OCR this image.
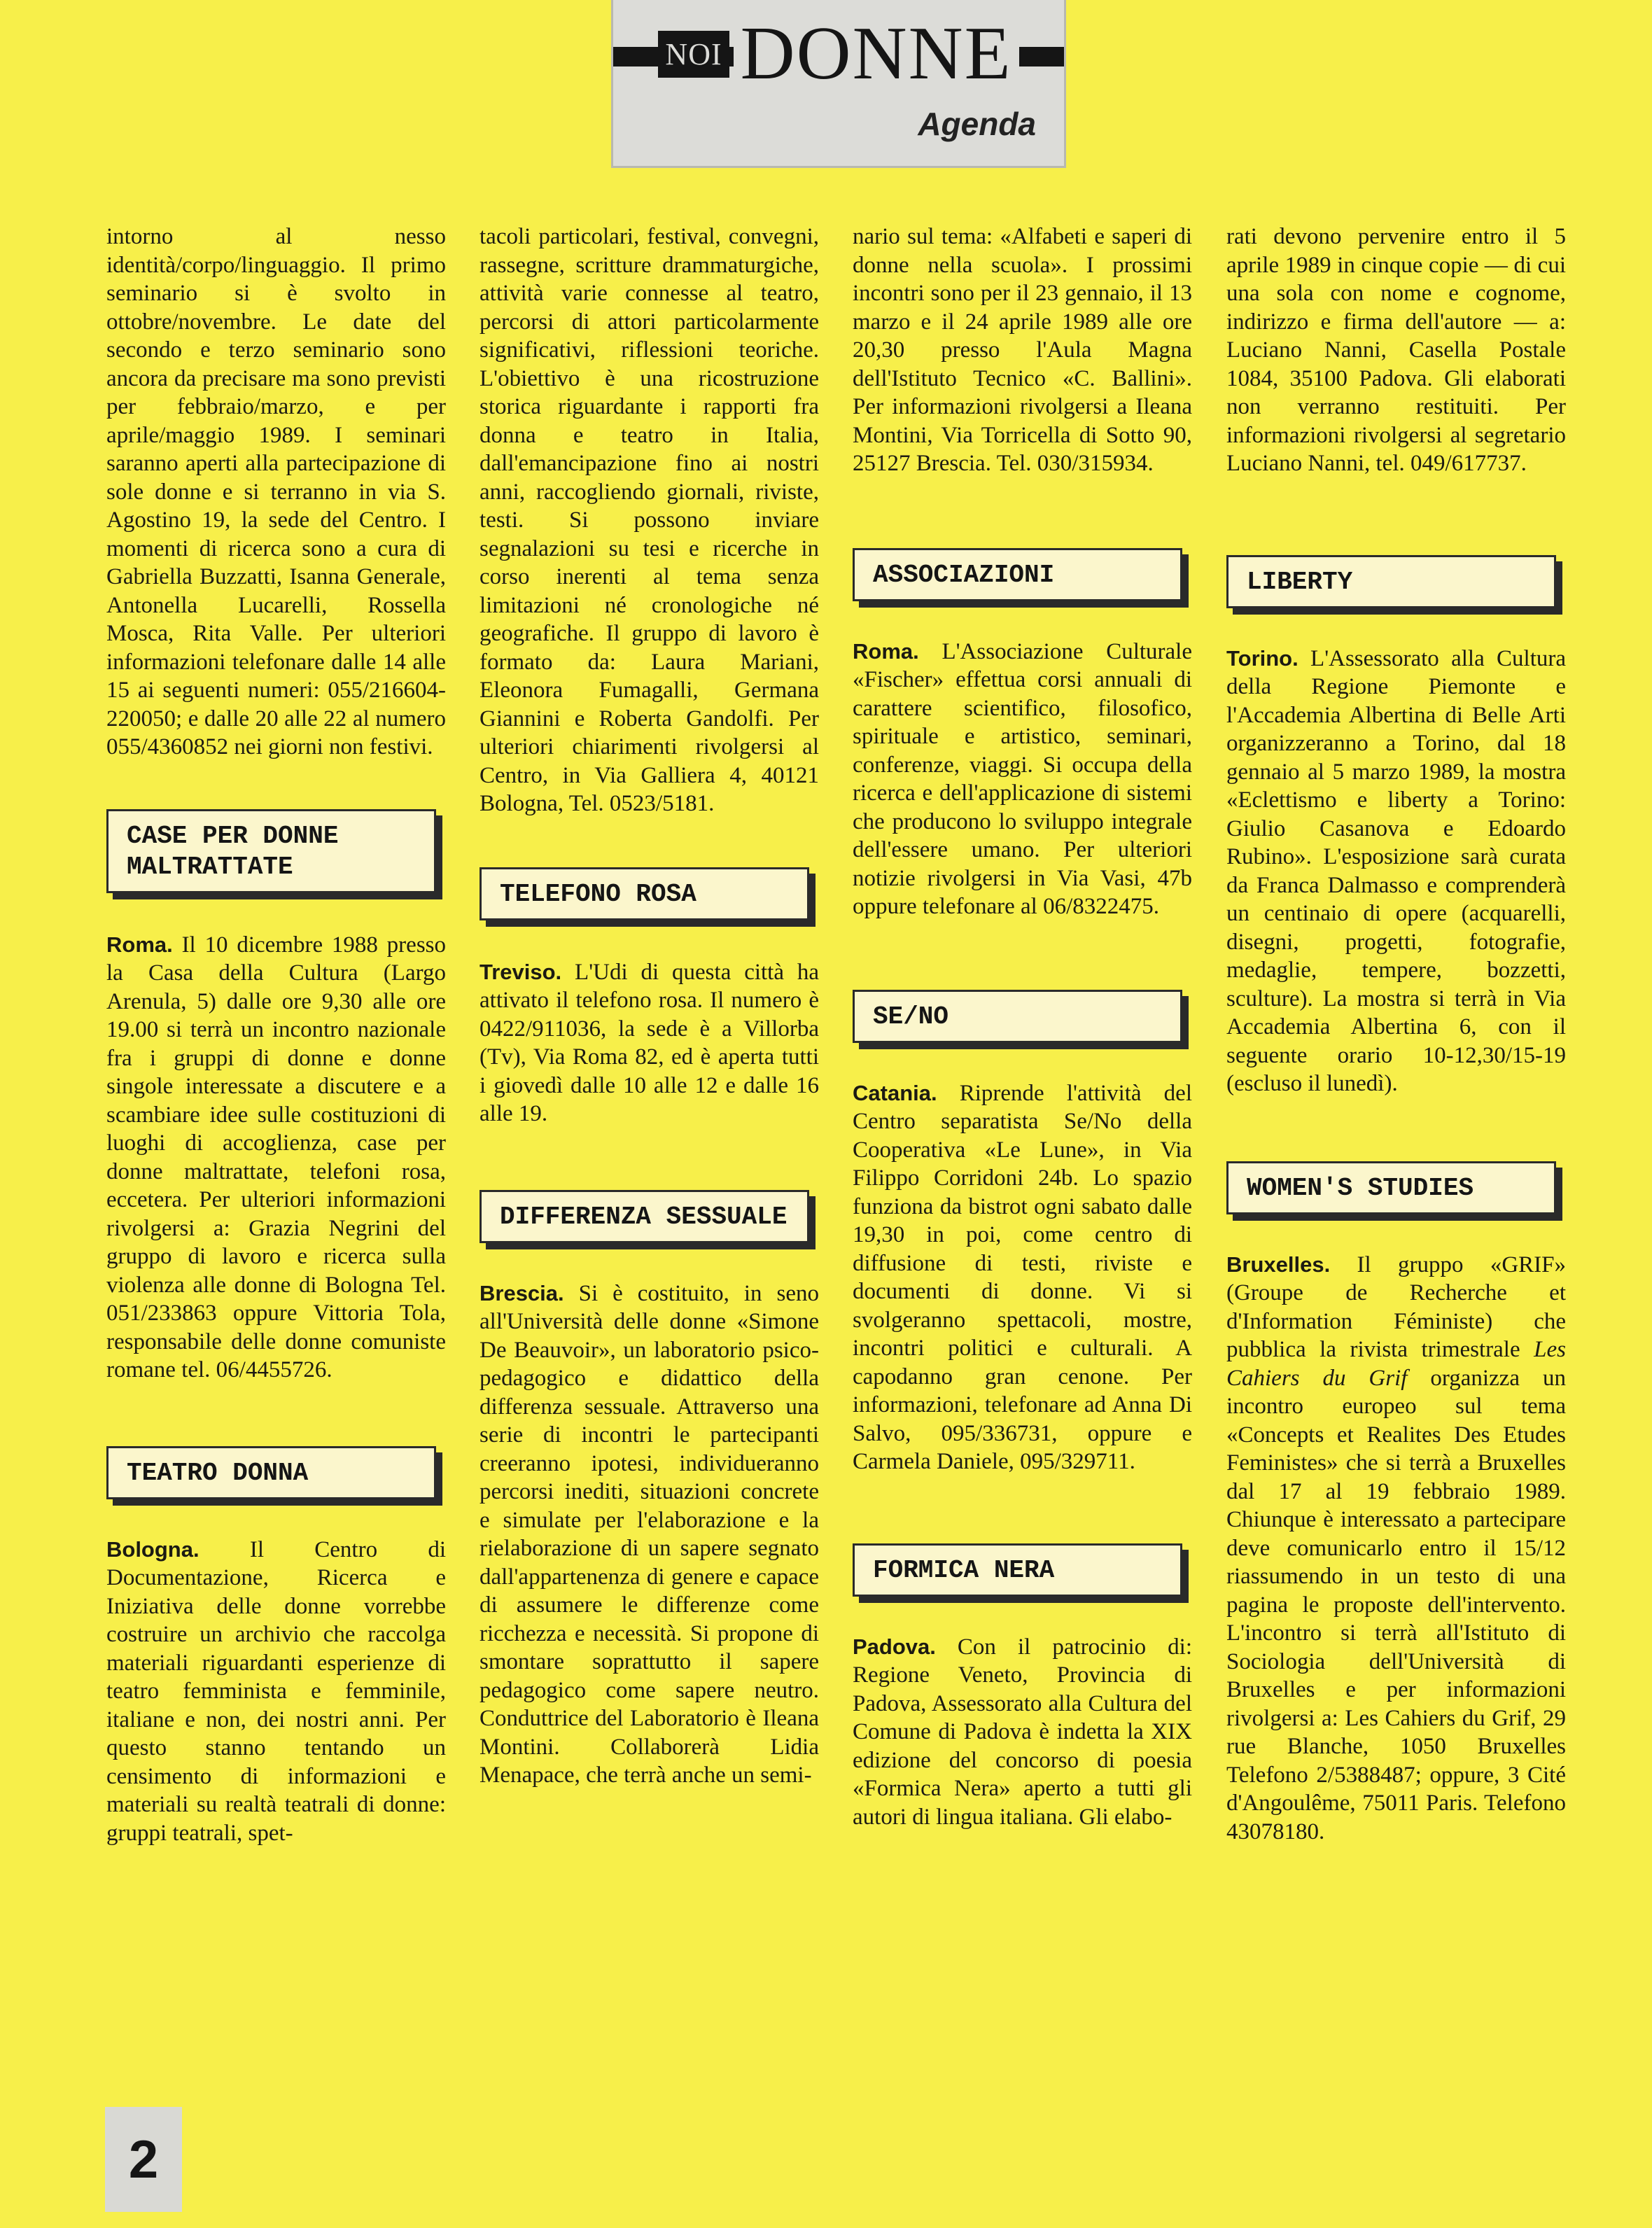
NOI DONNE
Agenda

intorno al nesso identità/corpo/linguaggio. Il primo seminario si è svolto in ottobre/novembre. Le date del secondo e terzo seminario sono ancora da precisare ma sono previsti per febbraio/marzo, e per aprile/maggio 1989. I seminari saranno aperti alla partecipazione di sole donne e si terranno in via S. Agostino 19, la sede del Centro. I momenti di ricerca sono a cura di Gabriella Buzzatti, Isanna Generale, Antonella Lucarelli, Rossella Mosca, Rita Valle. Per ulteriori informazioni telefonare dalle 14 alle 15 ai seguenti numeri: 055/216604-220050; e dalle 20 alle 22 al numero 055/4360852 nei giorni non festivi.

CASE PER DONNE MALTRATTATE

Roma. Il 10 dicembre 1988 presso la Casa della Cultura (Largo Arenula, 5) dalle ore 9,30 alle ore 19.00 si terrà un incontro nazionale fra i gruppi di donne e donne singole interessate a discutere e a scambiare idee sulle costituzioni di luoghi di accoglienza, case per donne maltrattate, telefoni rosa, eccetera. Per ulteriori informazioni rivolgersi a: Grazia Negrini del gruppo di lavoro e ricerca sulla violenza alle donne di Bologna Tel. 051/233863 oppure Vittoria Tola, responsabile delle donne comuniste romane tel. 06/4455726.

TEATRO DONNA

Bologna. Il Centro di Documentazione, Ricerca e Iniziativa delle donne vorrebbe costruire un archivio che raccolga materiali riguardanti esperienze di teatro femminista e femminile, italiane e non, dei nostri anni. Per questo stanno tentando un censimento di informazioni e materiali su realtà teatrali di donne: gruppi teatrali, spet-

tacoli particolari, festival, convegni, rassegne, scritture drammaturgiche, attività varie connesse al teatro, percorsi di attori particolarmente significativi, riflessioni teoriche. L'obiettivo è una ricostruzione storica riguardante i rapporti fra donna e teatro in Italia, dall'emancipazione fino ai nostri anni, raccogliendo giornali, riviste, testi. Si possono inviare segnalazioni su tesi e ricerche in corso inerenti al tema senza limitazioni né cronologiche né geografiche. Il gruppo di lavoro è formato da: Laura Mariani, Eleonora Fumagalli, Germana Giannini e Roberta Gandolfi. Per ulteriori chiarimenti rivolgersi al Centro, in Via Galliera 4, 40121 Bologna, Tel. 0523/5181.

TELEFONO ROSA

Treviso. L'Udi di questa città ha attivato il telefono rosa. Il numero è 0422/911036, la sede è a Villorba (Tv), Via Roma 82, ed è aperta tutti i giovedì dalle 10 alle 12 e dalle 16 alle 19.

DIFFERENZA SESSUALE

Brescia. Si è costituito, in seno all'Università delle donne «Simone De Beauvoir», un laboratorio psico-pedagogico e didattico della differenza sessuale. Attraverso una serie di incontri le partecipanti creeranno ipotesi, individueranno percorsi inediti, situazioni concrete e simulate per l'elaborazione e la rielaborazione di un sapere segnato dall'appartenenza di genere e capace di assumere le differenze come ricchezza e necessità. Si propone di smontare soprattutto il sapere pedagogico come sapere neutro. Conduttrice del Laboratorio è Ileana Montini. Collaborerà Lidia Menapace, che terrà anche un semi-

nario sul tema: «Alfabeti e saperi di donne nella scuola». I prossimi incontri sono per il 23 gennaio, il 13 marzo e il 24 aprile 1989 alle ore 20,30 presso l'Aula Magna dell'Istituto Tecnico «C. Ballini». Per informazioni rivolgersi a Ileana Montini, Via Torricella di Sotto 90, 25127 Brescia. Tel. 030/315934.

ASSOCIAZIONI

Roma. L'Associazione Culturale «Fischer» effettua corsi annuali di carattere scientifico, filosofico, spirituale e artistico, seminari, conferenze, viaggi. Si occupa della ricerca e dell'applicazione di sistemi che producono lo sviluppo integrale dell'essere umano. Per ulteriori notizie rivolgersi in Via Vasi, 47b oppure telefonare al 06/8322475.

SE/NO

Catania. Riprende l'attività del Centro separatista Se/No della Cooperativa «Le Lune», in Via Filippo Corridoni 24b. Lo spazio funziona da bistrot ogni sabato dalle 19,30 in poi, come centro di diffusione di testi, riviste e documenti di donne. Vi si svolgeranno spettacoli, mostre, incontri politici e culturali. A capodanno gran cenone. Per informazioni, telefonare ad Anna Di Salvo, 095/336731, oppure e Carmela Daniele, 095/329711.

FORMICA NERA

Padova. Con il patrocinio di: Regione Veneto, Provincia di Padova, Assessorato alla Cultura del Comune di Padova è indetta la XIX edizione del concorso di poesia «Formica Nera» aperto a tutti gli autori di lingua italiana. Gli elabo-

rati devono pervenire entro il 5 aprile 1989 in cinque copie — di cui una sola con nome e cognome, indirizzo e firma dell'autore — a: Luciano Nanni, Casella Postale 1084, 35100 Padova. Gli elaborati non verranno restituiti. Per informazioni rivolgersi al segretario Luciano Nanni, tel. 049/617737.

LIBERTY

Torino. L'Assessorato alla Cultura della Regione Piemonte e l'Accademia Albertina di Belle Arti organizzeranno a Torino, dal 18 gennaio al 5 marzo 1989, la mostra «Eclettismo e liberty a Torino: Giulio Casanova e Edoardo Rubino». L'esposizione sarà curata da Franca Dalmasso e comprenderà un centinaio di opere (acquarelli, disegni, progetti, fotografie, medaglie, tempere, bozzetti, sculture). La mostra si terrà in Via Accademia Albertina 6, con il seguente orario 10-12,30/15-19 (escluso il lunedì).

WOMEN'S STUDIES

Bruxelles. Il gruppo «GRIF» (Groupe de Recherche et d'Information Féministe) che pubblica la rivista trimestrale Les Cahiers du Grif organizza un incontro europeo sul tema «Concepts et Realites Des Etudes Feministes» che si terrà a Bruxelles dal 17 al 19 febbraio 1989. Chiunque è interessato a partecipare deve comunicarlo entro il 15/12 riassumendo in un testo di una pagina le proposte dell'intervento. L'incontro si terrà all'Istituto di Sociologia dell'Università di Bruxelles e per informazioni rivolgersi a: Les Cahiers du Grif, 29 rue Blanche, 1050 Bruxelles Telefono 2/5388487; oppure, 3 Cité d'Angoulême, 75011 Paris. Telefono 43078180.

2
